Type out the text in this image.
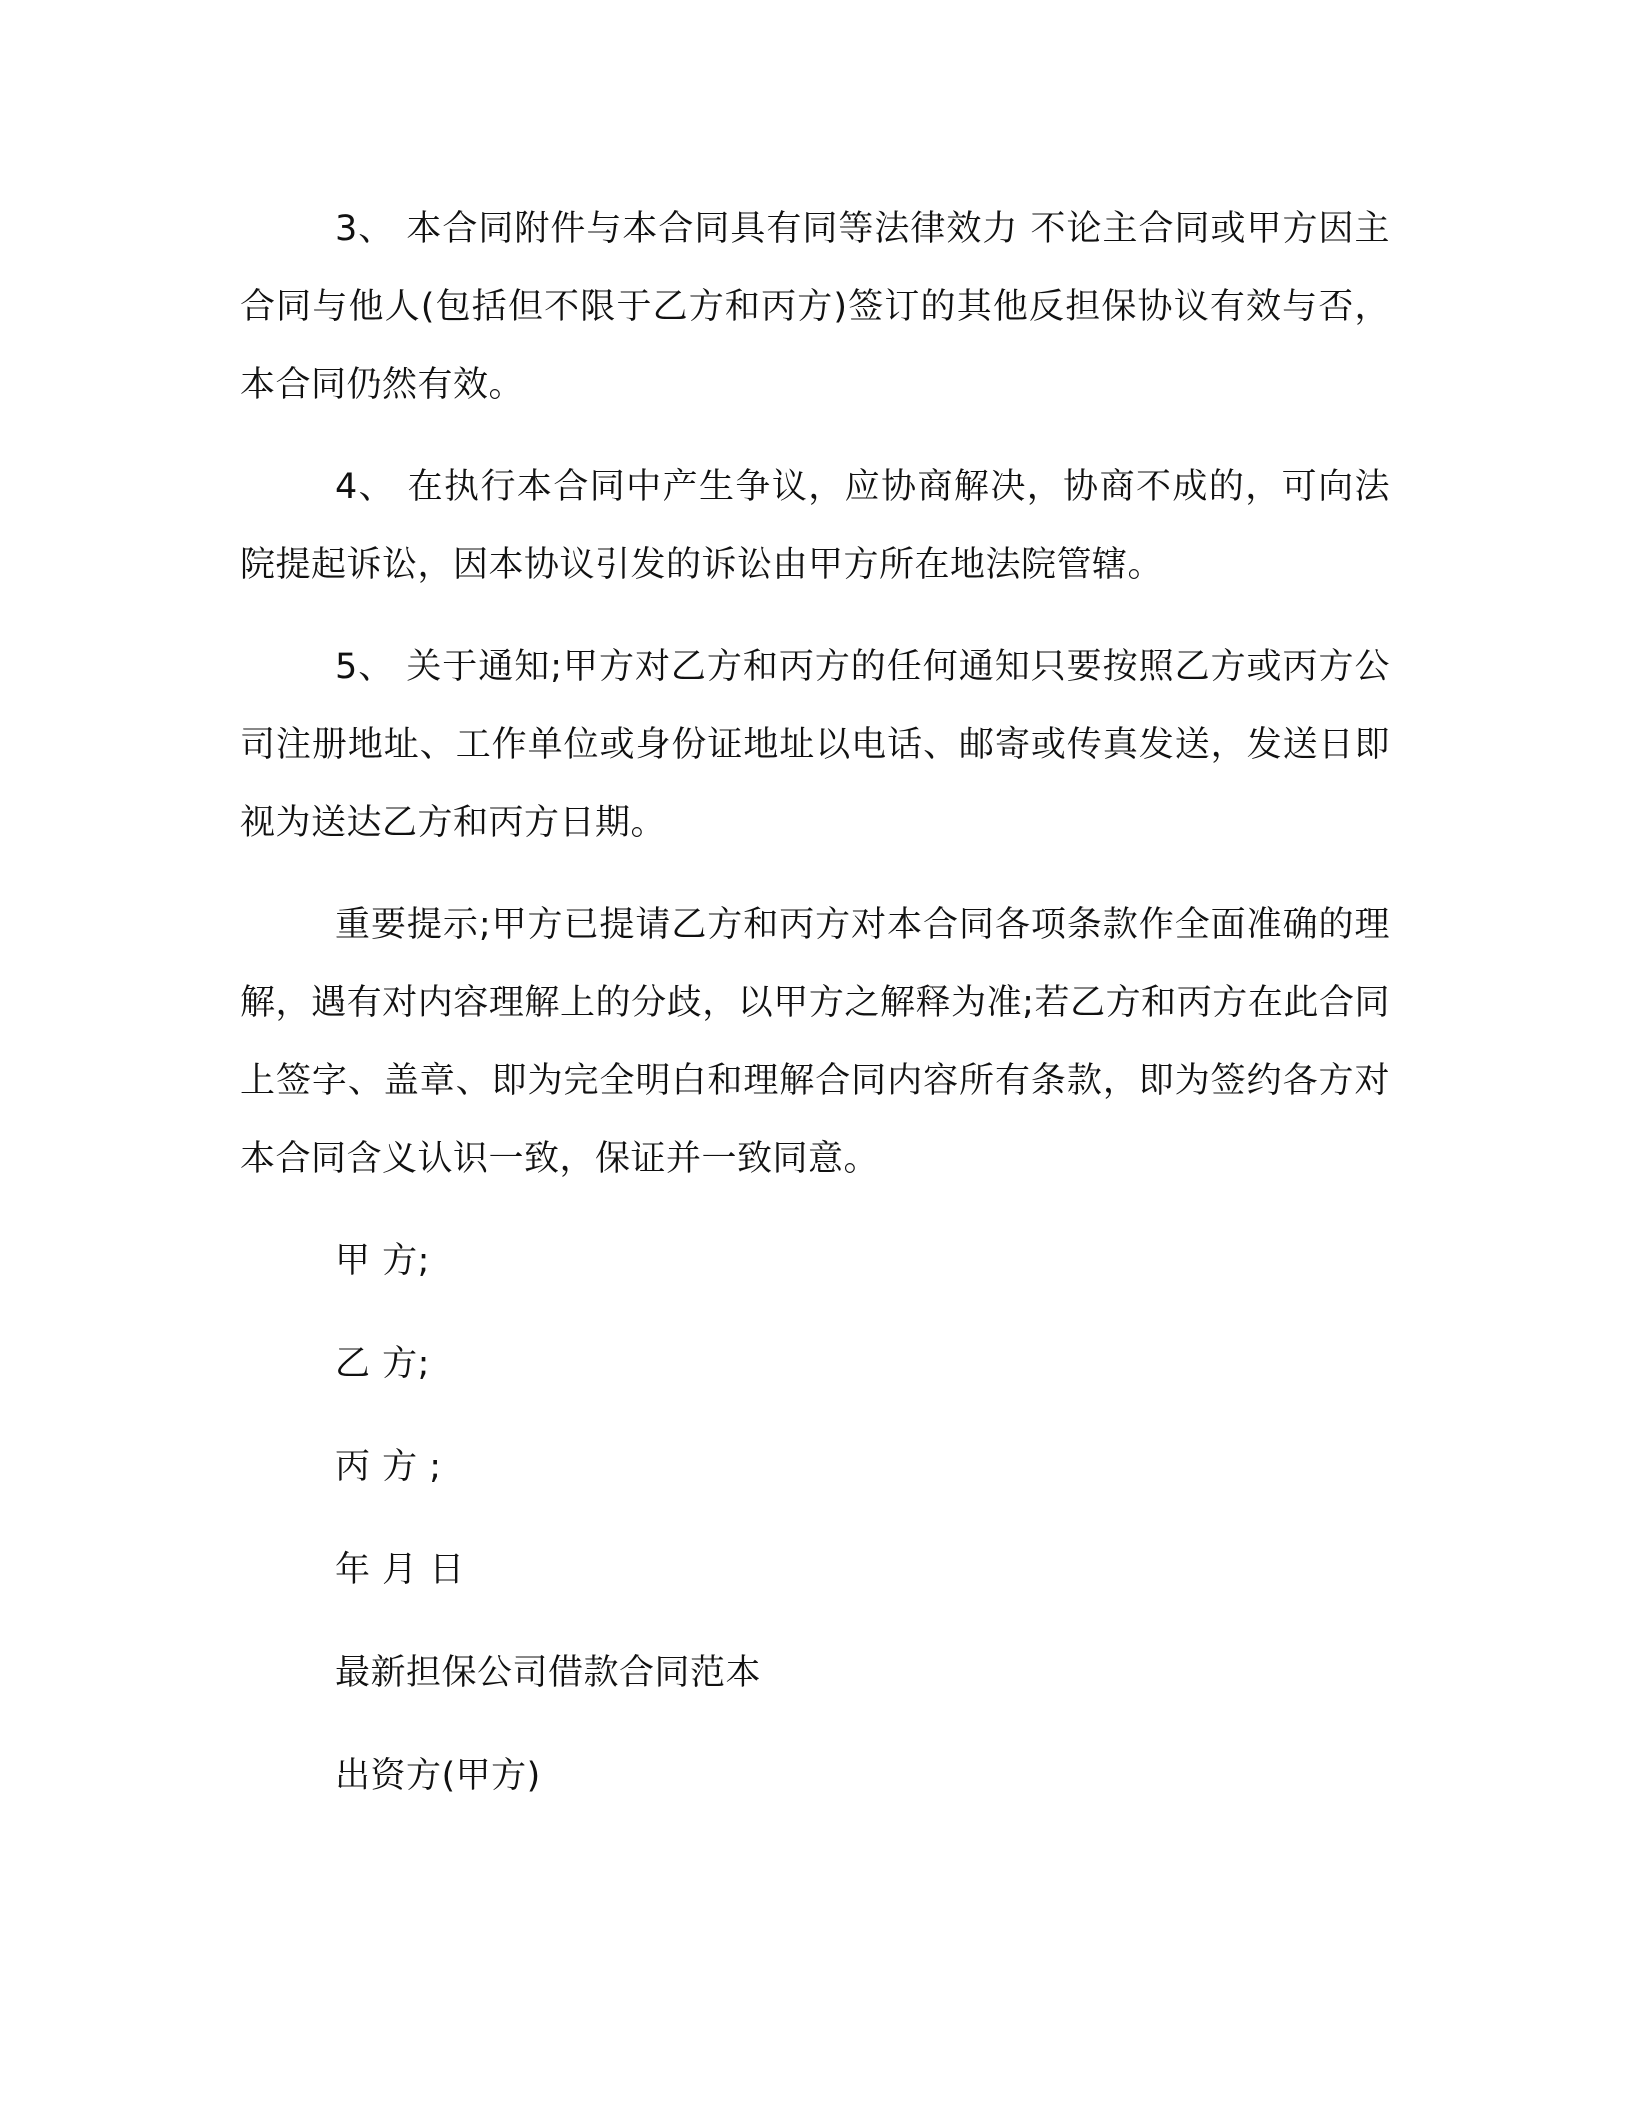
3、 本合同附件与本合同具有同等法律效力 不论主合同或甲方因主合同与他人(包括但不限于乙方和丙方)签订的其他反担保协议有效与否，本合同仍然有效。

4、 在执行本合同中产生争议，应协商解决，协商不成的，可向法院提起诉讼，因本协议引发的诉讼由甲方所在地法院管辖。

5、 关于通知;甲方对乙方和丙方的任何通知只要按照乙方或丙方公司注册地址、工作单位或身份证地址以电话、邮寄或传真发送，发送日即视为送达乙方和丙方日期。

重要提示;甲方已提请乙方和丙方对本合同各项条款作全面准确的理解，遇有对内容理解上的分歧，以甲方之解释为准;若乙方和丙方在此合同上签字、盖章、即为完全明白和理解合同内容所有条款，即为签约各方对本合同含义认识一致，保证并一致同意。

甲 方;
乙 方;
丙 方 ;
年 月 日
最新担保公司借款合同范本
出资方(甲方)
